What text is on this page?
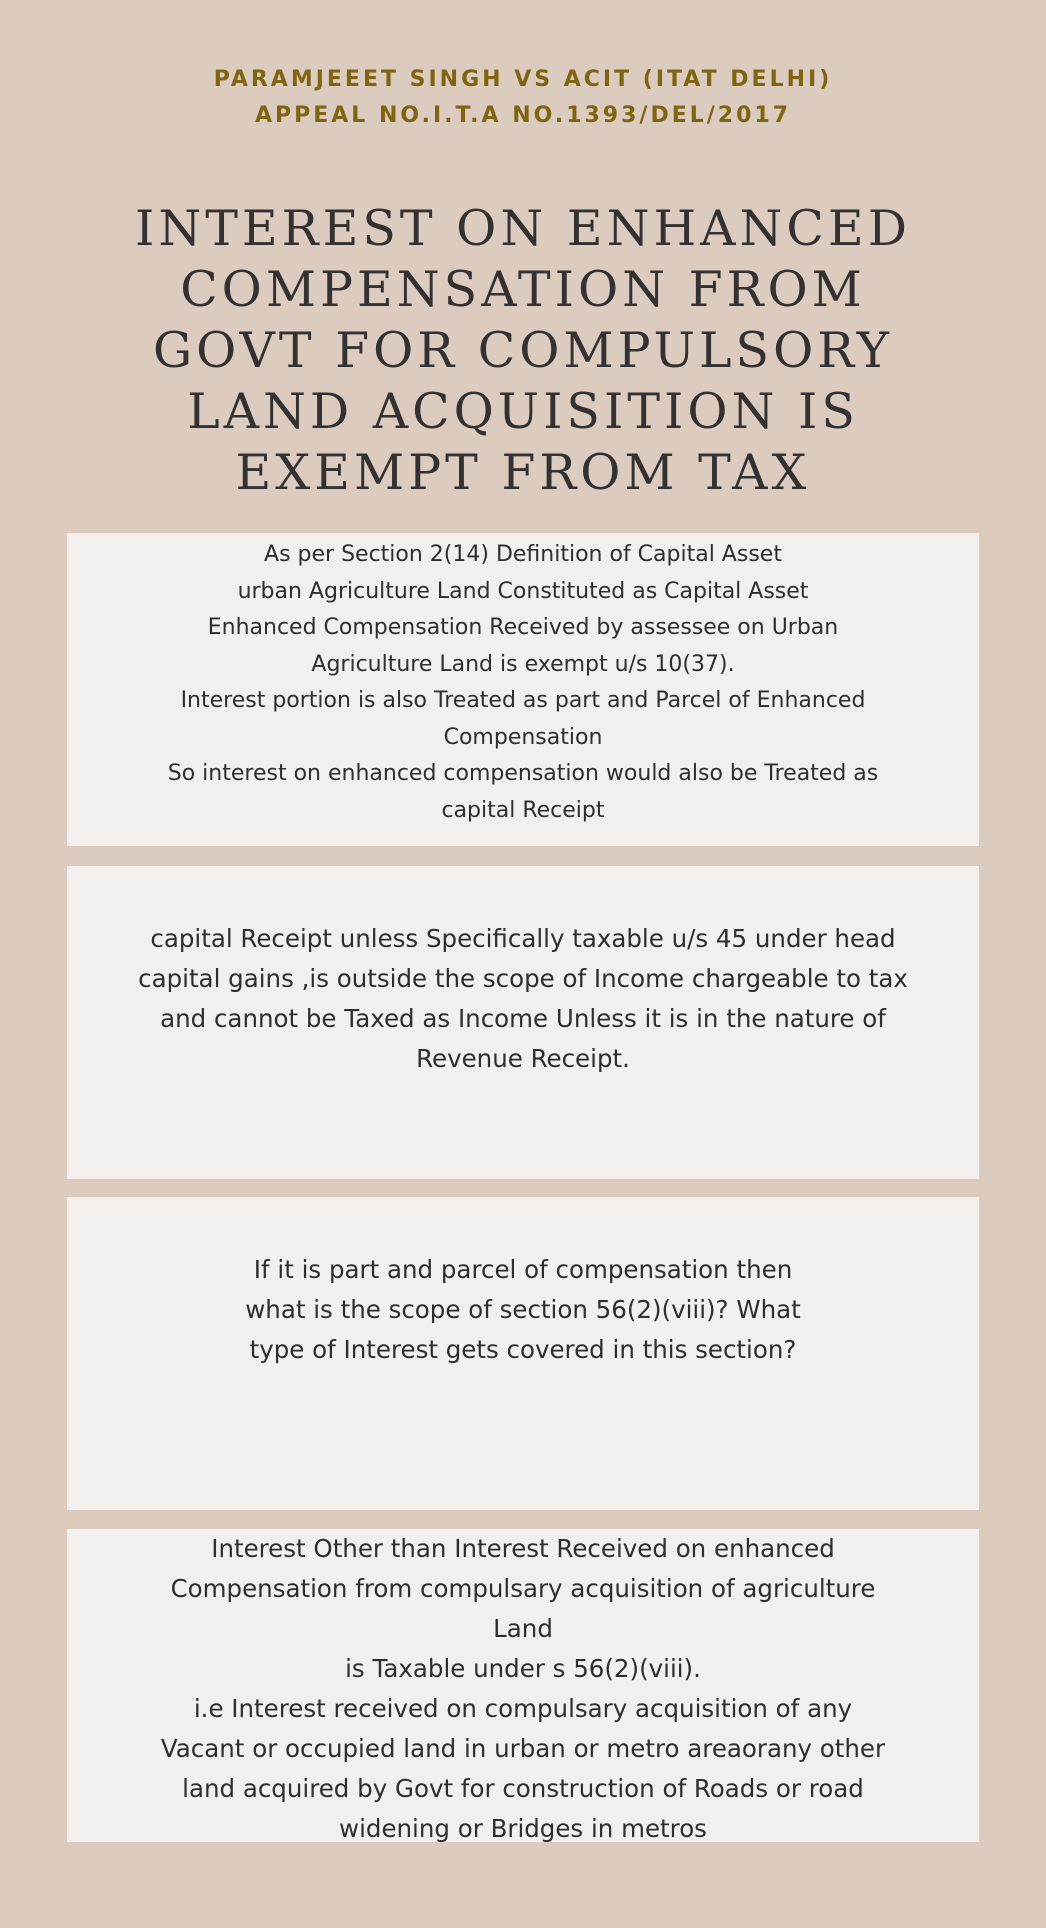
PARAMJEEET SINGH VS ACIT (ITAT DELHI)
APPEAL NO.I.T.A NO.1393/DEL/2017
INTEREST ON ENHANCED
COMPENSATION FROM
GOVT FOR COMPULSORY
LAND ACQUISITION IS
EXEMPT FROM TAX
As per Section 2(14) Definition of Capital Asset
urban Agriculture Land Constituted as Capital Asset
Enhanced Compensation Received by assessee on Urban
Agriculture Land is exempt u/s 10(37).
Interest portion is also Treated as part and Parcel of Enhanced
Compensation
So interest on enhanced compensation would also be Treated as
capital Receipt
capital Receipt unless Specifically taxable u/s 45 under head
capital gains ,is outside the scope of Income chargeable to tax
and cannot be Taxed as Income Unless it is in the nature of
Revenue Receipt.
If it is part and parcel of compensation then
what is the scope of section 56(2)(viii)? What
type of Interest gets covered in this section?
Interest Other than Interest Received on enhanced
Compensation from compulsary acquisition of agriculture
Land
is Taxable under s 56(2)(viii).
i.e Interest received on compulsary acquisition of any
Vacant or occupied land in urban or metro areaorany other
land acquired by Govt for construction of Roads or road
widening or Bridges in metros
